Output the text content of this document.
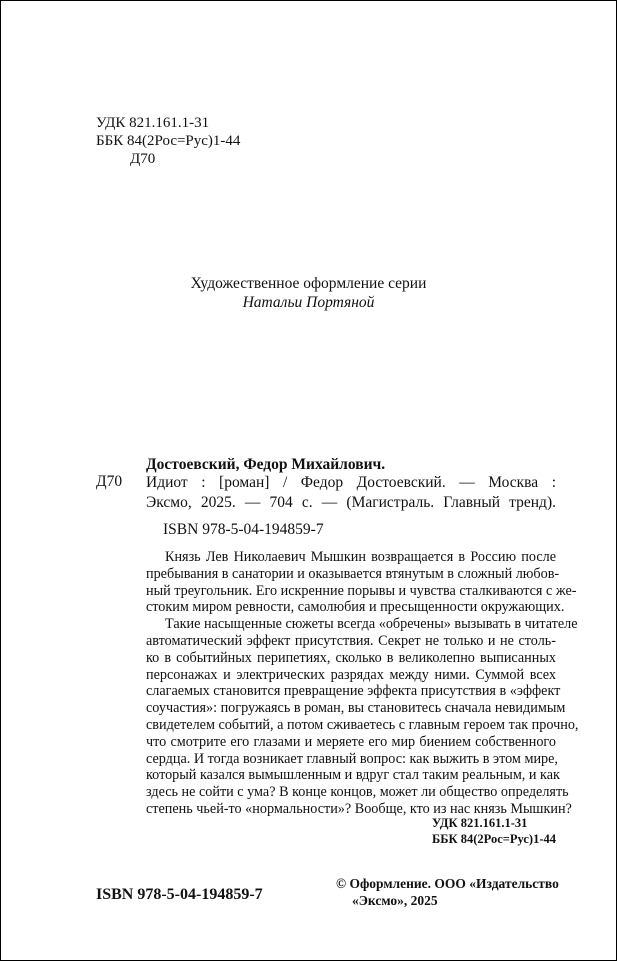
УДК 821.161.1-31
ББК 84(2Рос=Рус)1-44
Д70
Художественное оформление серии
Натальи Портяной
Достоевский, Федор Михайлович.
Д70 Идиот : [роман] / Федор Достоевский. — Москва :
Эксмо, 2025. — 704 с. — (Магистраль. Главный тренд).
ISBN 978-5-04-194859-7
Князь Лев Николаевич Мышкин возвращается в Россию после
пребывания в санатории и оказывается втянутым в сложный любов-
ный треугольник. Его искренние порывы и чувства сталкиваются с же-
стоким миром ревности, самолюбия и пресыщенности окружающих.
Такие насыщенные сюжеты всегда «обречены» вызывать в читателе
автоматический эффект присутствия. Секрет не только и не столь-
ко в событийных перипетиях, сколько в великолепно выписанных
персонажах и электрических разрядах между ними. Суммой всех
слагаемых становится превращение эффекта присутствия в «эффект
соучастия»: погружаясь в роман, вы становитесь сначала невидимым
свидетелем событий, а потом сживаетесь с главным героем так прочно,
что смотрите его глазами и меряете его мир биением собственного
сердца. И тогда возникает главный вопрос: как выжить в этом мире,
который казался вымышленным и вдруг стал таким реальным, и как
здесь не сойти с ума? В конце концов, может ли общество определять
степень чьей-то «нормальности»? Вообще, кто из нас князь Мышкин?
УДК 821.161.1-31
ББК 84(2Рос=Рус)1-44
ISBN 978-5-04-194859-7
© Оформление. ООО «Издательство
«Эксмо», 2025
